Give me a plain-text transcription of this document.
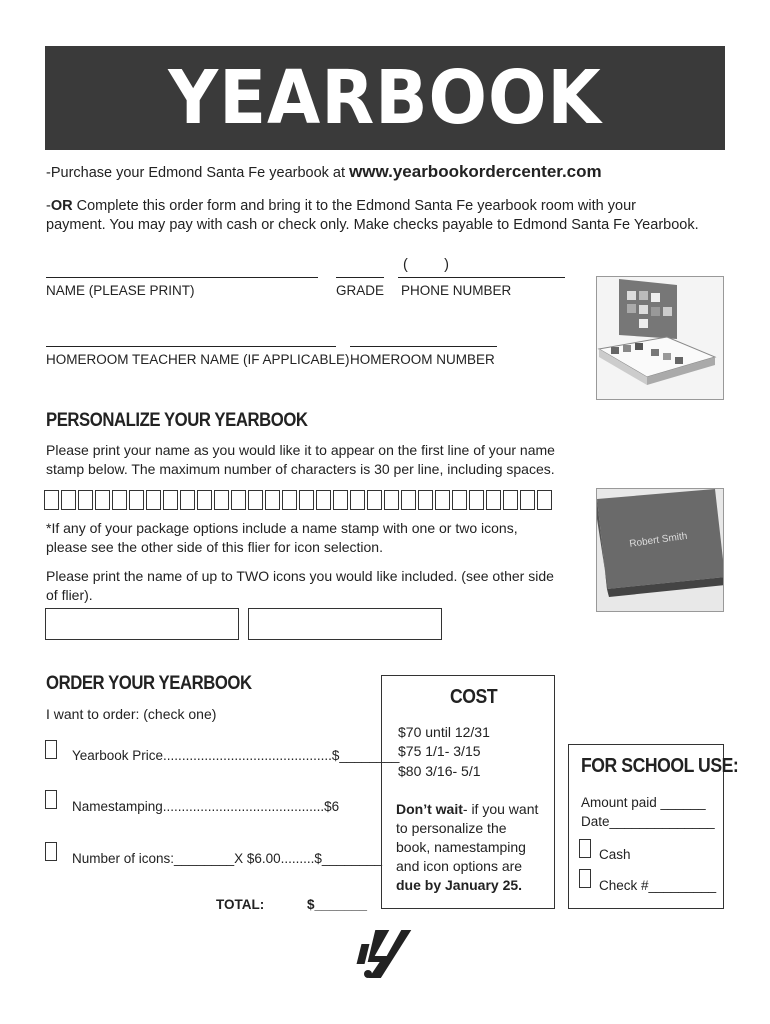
YEARBOOK
-Purchase your Edmond Santa Fe yearbook at www.yearbookordercenter.com
-OR Complete this order form and bring it to the Edmond Santa Fe yearbook room with your
payment. You may pay with cash or check only. Make checks payable to Edmond Santa Fe Yearbook.
(         )
NAME (PLEASE PRINT)	GRADE PHONE NUMBER
HOMEROOM TEACHER NAME (IF APPLICABLE) HOMEROOM NUMBER
PERSONALIZE YOUR YEARBOOK
Please print your name as you would like it to appear on the first line of your name
stamp below. The maximum number of characters is 30 per line, including spaces.
*If any of your package options include a name stamp with one or two icons,
please see the other side of this flier for icon selection.
Please print the name of up to TWO icons you would like included. (see other side
of flier).
Robert Smith
ORDER YOUR YEARBOOK
I want to order: (check one)
Yearbook Price.............................................$________
Namestamping...........................................$6
Number of icons:________X $6.00.........$________
TOTAL:	$_______
COST
$70 until 12/31
$75 1/1- 3/15
$80 3/16- 5/1
Don’t wait- if you want
to personalize the
book, namestamping
and icon options are
due by January 25.
FOR SCHOOL USE:
Amount paid ______
Date______________
Cash
Check #_________
